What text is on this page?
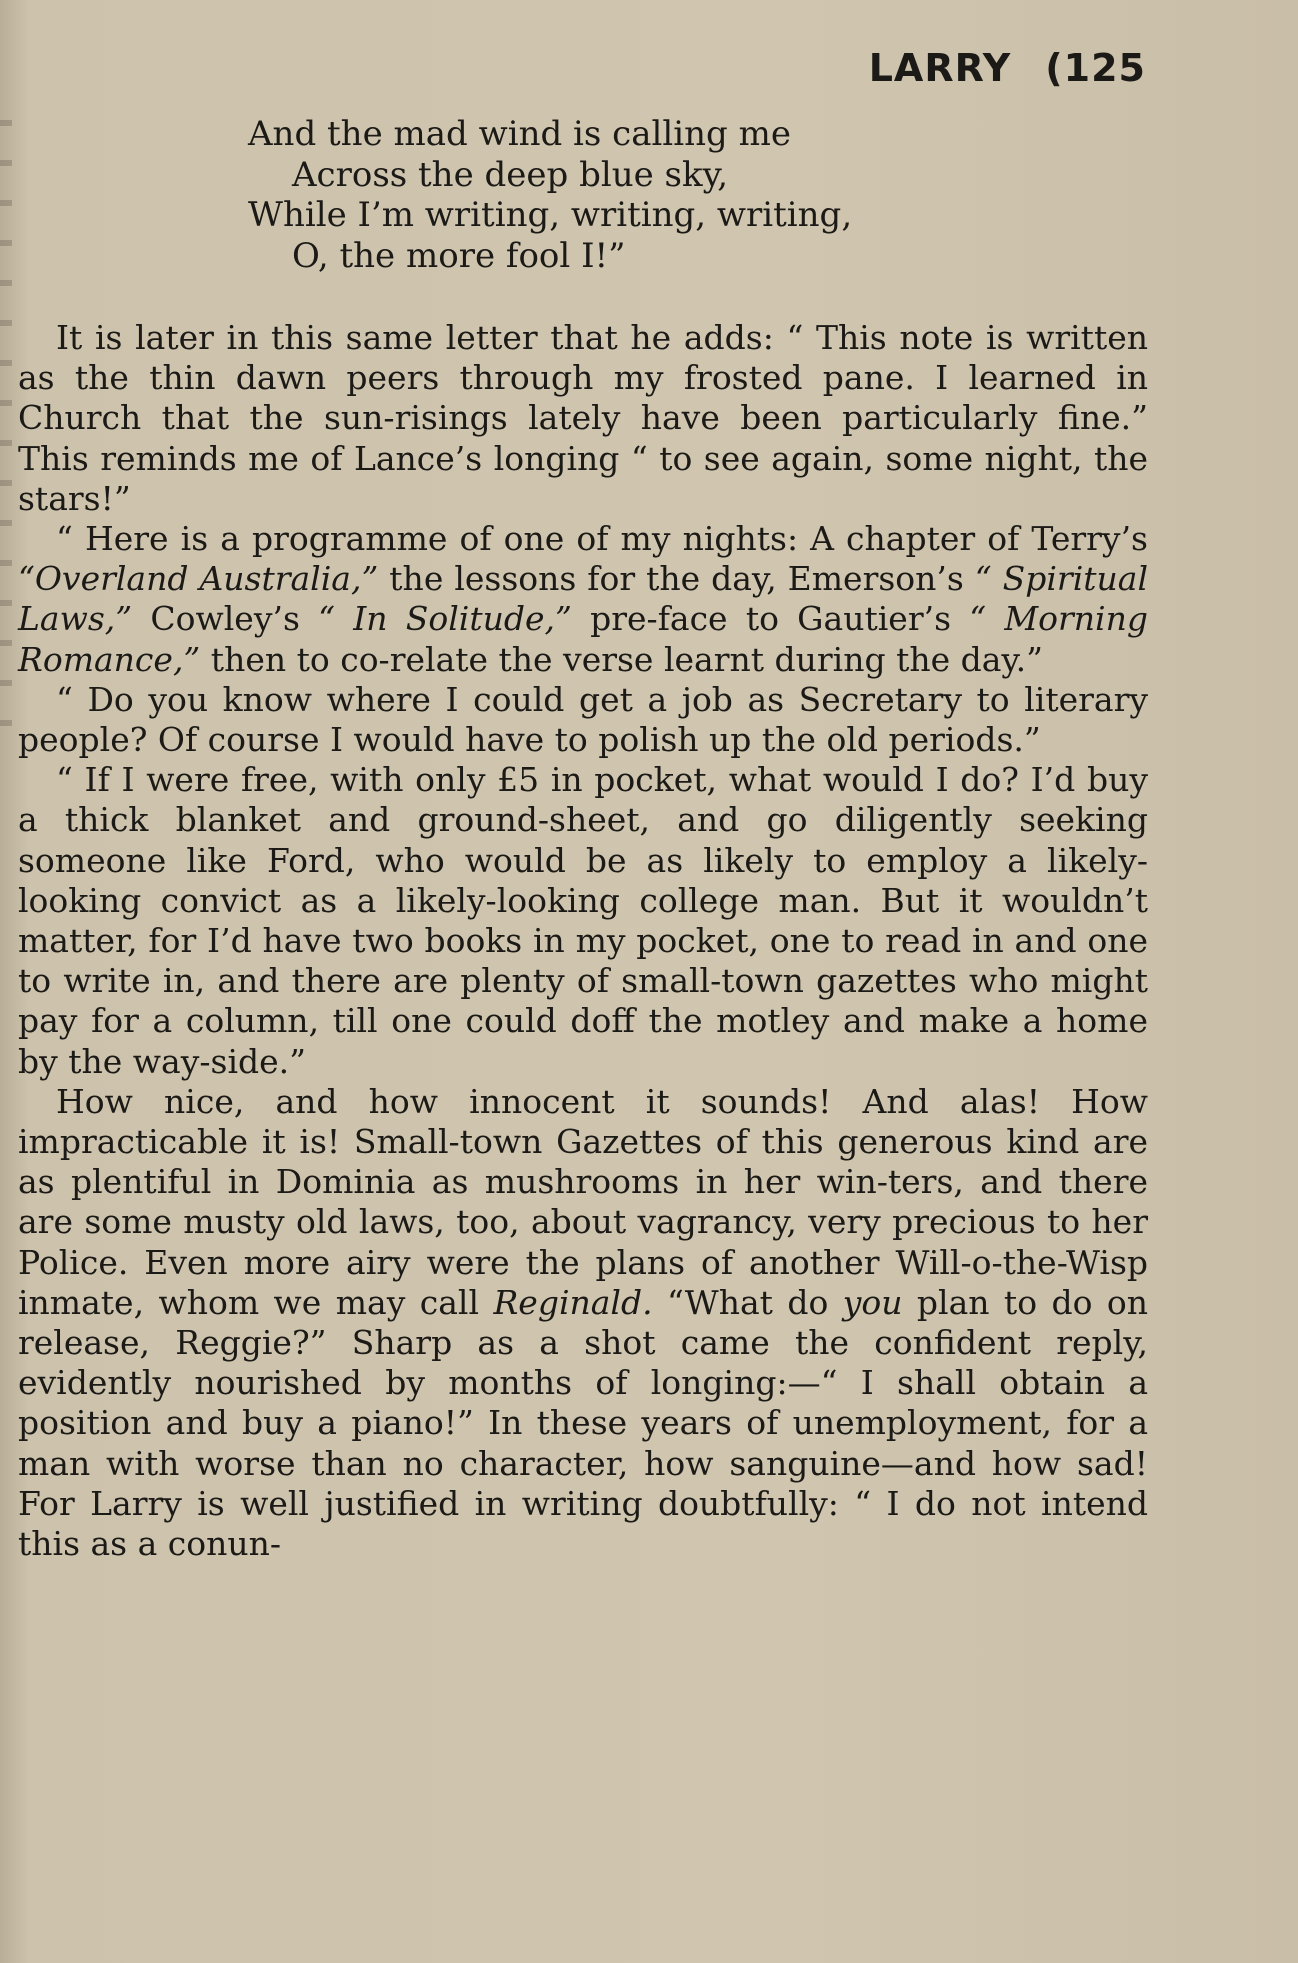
LARRY (125
And the mad wind is calling me
Across the deep blue sky,
While I’m writing, writing, writing,
O, the more fool I!”

It is later in this same letter that he adds: “ This note is written as the thin dawn peers through my frosted pane. I learned in Church that the sun-risings lately have been particularly fine.” This reminds me of Lance’s longing “ to see again, some night, the stars!”

“ Here is a programme of one of my nights: A chapter of Terry’s “Overland Australia,” the lessons for the day, Emerson’s “ Spiritual Laws,” Cowley’s “ In Solitude,” pre-face to Gautier’s “ Morning Romance,” then to co-relate the verse learnt during the day.”

“ Do you know where I could get a job as Secretary to literary people? Of course I would have to polish up the old periods.”

“ If I were free, with only £5 in pocket, what would I do? I’d buy a thick blanket and ground-sheet, and go diligently seeking someone like Ford, who would be as likely to employ a likely-looking convict as a likely-looking college man. But it wouldn’t matter, for I’d have two books in my pocket, one to read in and one to write in, and there are plenty of small-town gazettes who might pay for a column, till one could doff the motley and make a home by the way-side.”

How nice, and how innocent it sounds! And alas! How impracticable it is! Small-town Gazettes of this generous kind are as plentiful in Dominia as mushrooms in her win-ters, and there are some musty old laws, too, about vagrancy, very precious to her Police. Even more airy were the plans of another Will-o-the-Wisp inmate, whom we may call Reginald. “What do you plan to do on release, Reggie?” Sharp as a shot came the confident reply, evidently nourished by months of longing:—“ I shall obtain a position and buy a piano!” In these years of unemployment, for a man with worse than no character, how sanguine—and how sad! For Larry is well justified in writing doubtfully: “ I do not intend this as a conun-
